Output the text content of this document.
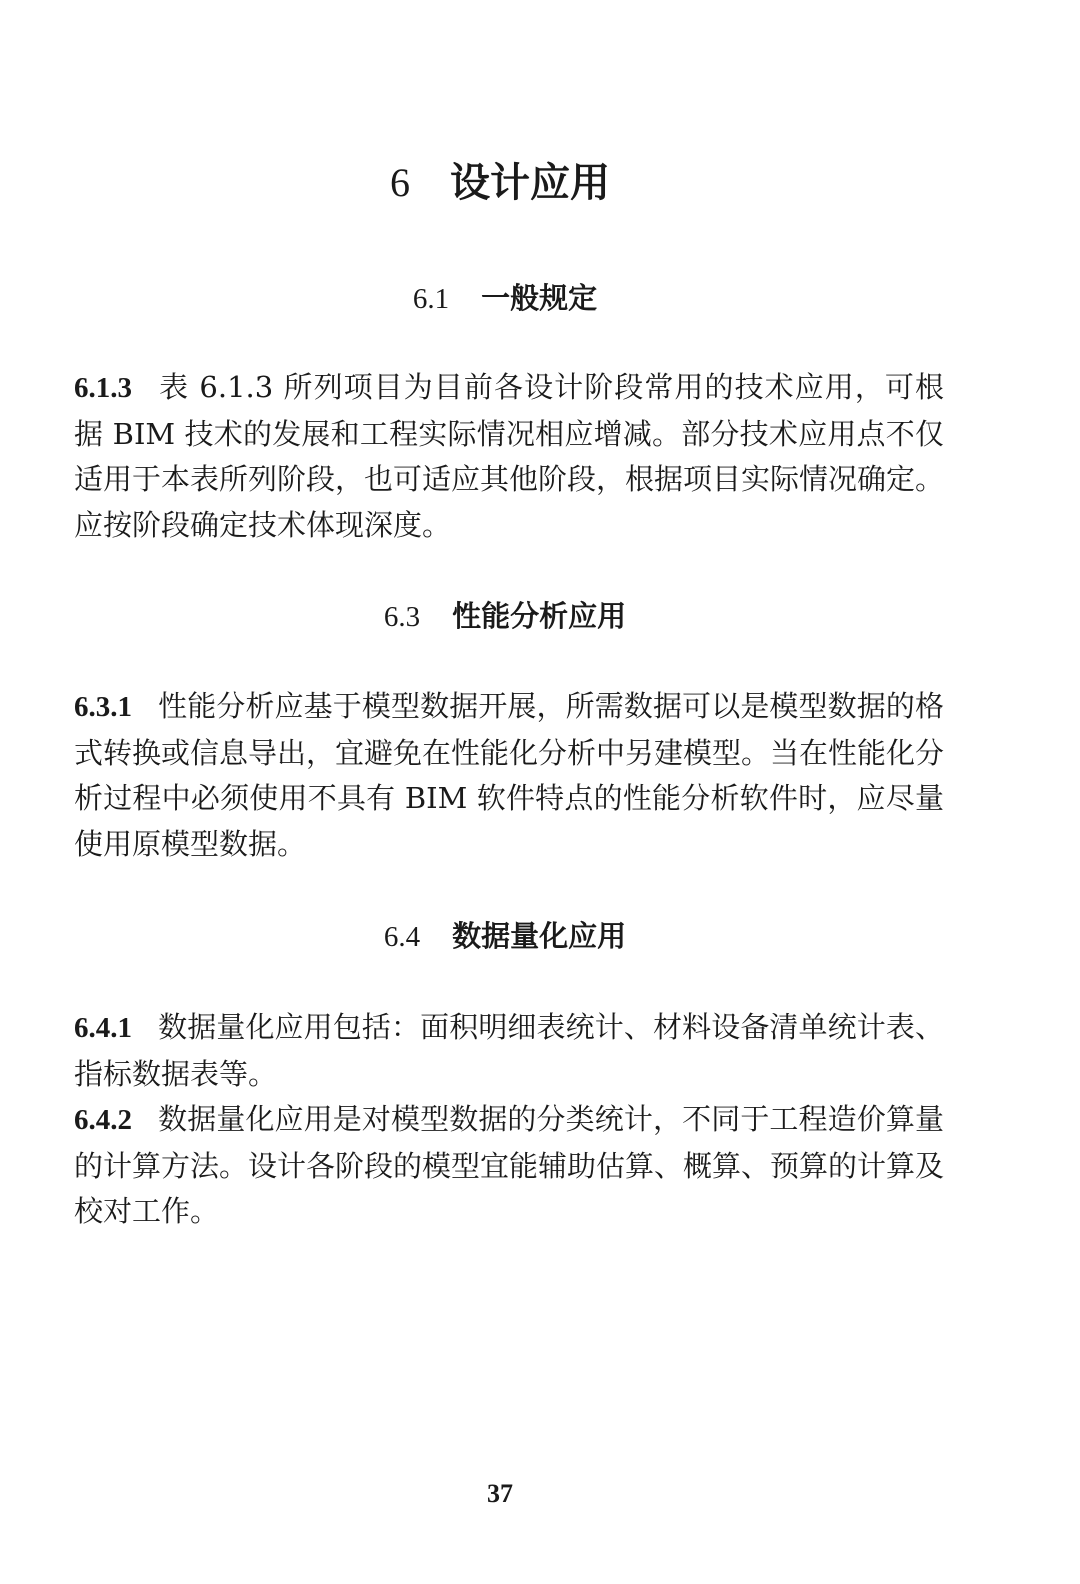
6 设计应用
6.1 一般规定

6.1.3 表 6.1.3 所列项目为目前各设计阶段常用的技术应用，可根据 BIM 技术的发展和工程实际情况相应增减。部分技术应用点不仅适用于本表所列阶段，也可适应其他阶段，根据项目实际情况确定。应按阶段确定技术体现深度。

6.3 性能分析应用

6.3.1 性能分析应基于模型数据开展，所需数据可以是模型数据的格式转换或信息导出，宜避免在性能化分析中另建模型。当在性能化分析过程中必须使用不具有 BIM 软件特点的性能分析软件时，应尽量使用原模型数据。

6.4 数据量化应用

6.4.1 数据量化应用包括：面积明细表统计、材料设备清单统计表、指标数据表等。

6.4.2 数据量化应用是对模型数据的分类统计，不同于工程造价算量的计算方法。设计各阶段的模型宜能辅助估算、概算、预算的计算及校对工作。

37
